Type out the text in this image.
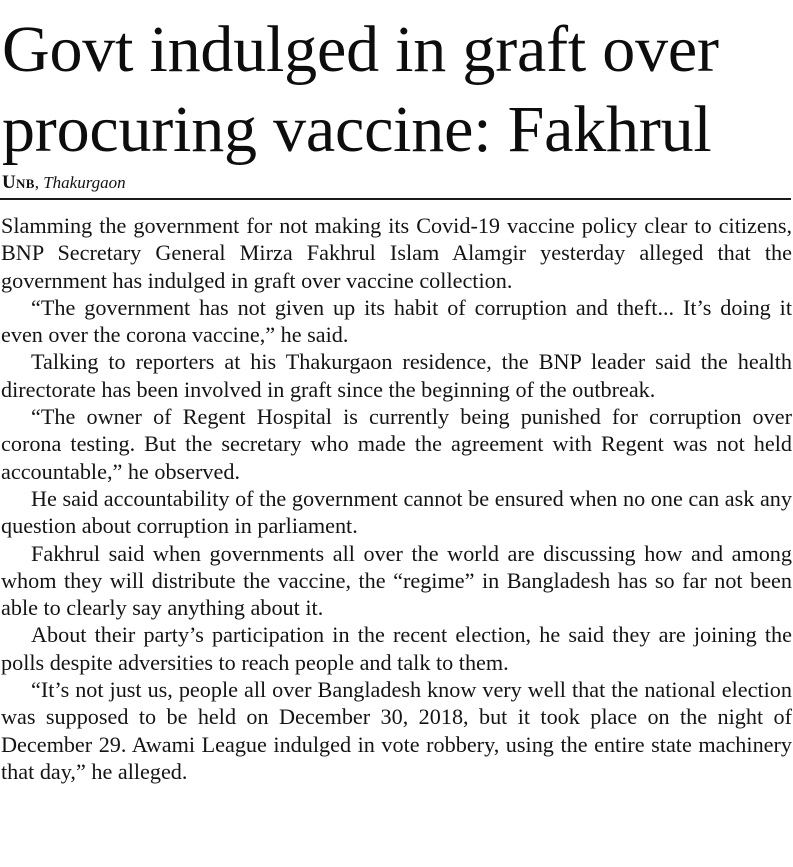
Govt indulged in graft over
procuring vaccine: Fakhrul
Unb, Thakurgaon

Slamming the government for not making its Covid-19 vaccine policy clear to citizens, BNP Secretary General Mirza Fakhrul Islam Alamgir yesterday alleged that the government has indulged in graft over vaccine collection.

“The government has not given up its habit of corruption and theft... It’s doing it even over the corona vaccine,” he said.

Talking to reporters at his Thakurgaon residence, the BNP leader said the health directorate has been involved in graft since the beginning of the outbreak.

“The owner of Regent Hospital is currently being punished for corruption over corona testing. But the secretary who made the agreement with Regent was not held accountable,” he observed.

He said accountability of the government cannot be ensured when no one can ask any question about corruption in parliament.

Fakhrul said when governments all over the world are discussing how and among whom they will distribute the vaccine, the “regime” in Bangladesh has so far not been able to clearly say anything about it.

About their party’s participation in the recent election, he said they are joining the polls despite adversities to reach people and talk to them.

“It’s not just us, people all over Bangladesh know very well that the national election was supposed to be held on December 30, 2018, but it took place on the night of December 29. Awami League indulged in vote robbery, using the entire state machinery that day,” he alleged.
